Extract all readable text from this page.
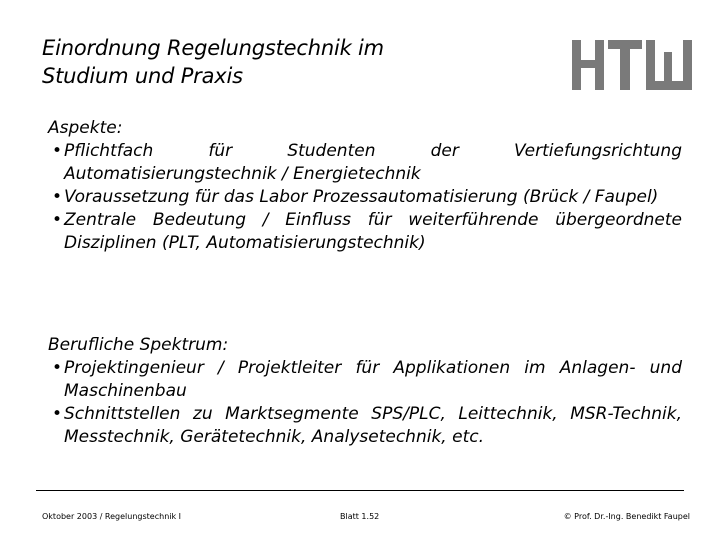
Einordnung Regelungstechnik im
Studium und Praxis
Aspekte:
• Pflichtfach für Studenten der Vertiefungsrichtung Automatisierungstechnik / Energietechnik
• Voraussetzung für das Labor Prozessautomatisierung (Brück / Faupel)
• Zentrale Bedeutung / Einfluss für weiterführende übergeordnete Disziplinen (PLT, Automatisierungstechnik)
Berufliche Spektrum:
• Projektingenieur / Projektleiter für Applikationen im Anlagen- und Maschinenbau
• Schnittstellen zu Marktsegmente SPS/PLC, Leittechnik, MSR-Technik, Messtechnik, Gerätetechnik, Analysetechnik, etc.
Oktober 2003 / Regelungstechnik I	Blatt 1.52	© Prof. Dr.-Ing. Benedikt Faupel
